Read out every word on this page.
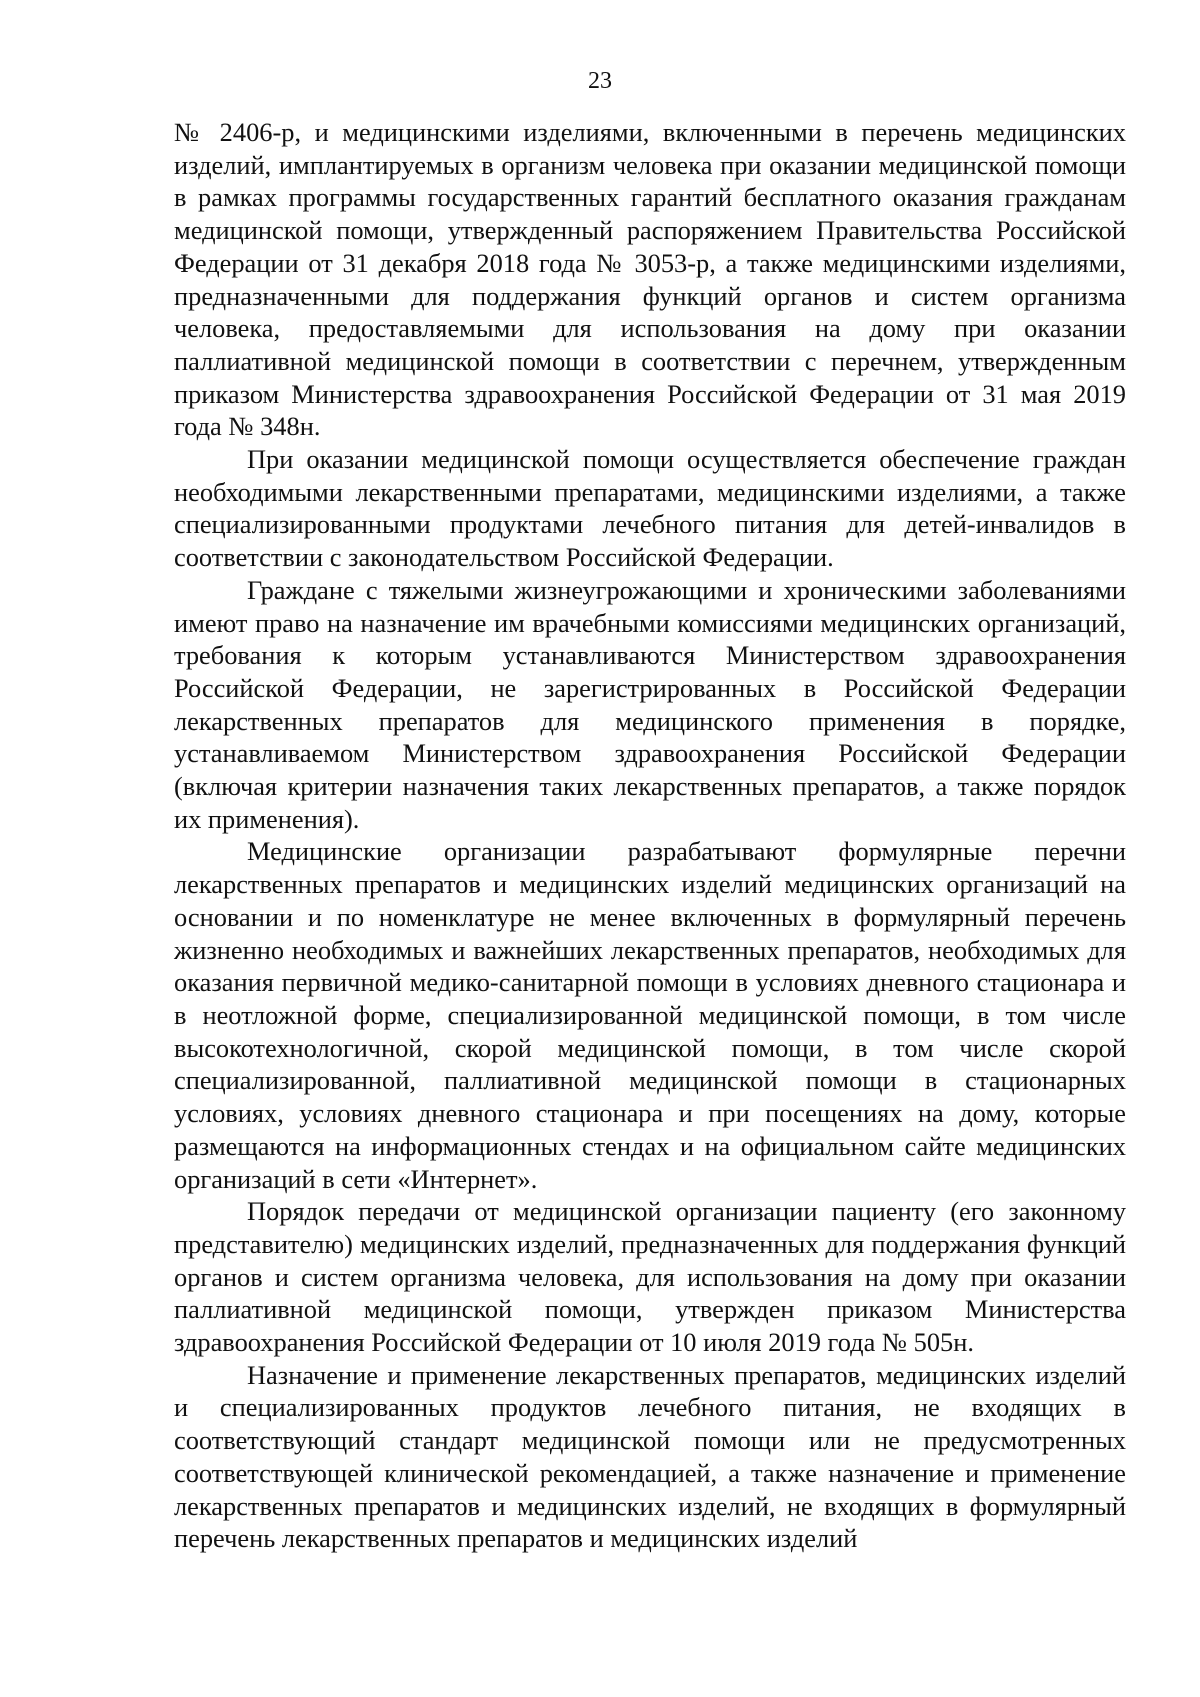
23

№ 2406-р, и медицинскими изделиями, включенными в перечень медицинских изделий, имплантируемых в организм человека при оказании медицинской помощи в рамках программы государственных гарантий бесплатного оказания гражданам медицинской помощи, утвержденный распоряжением Правительства Российской Федерации от 31 декабря 2018 года № 3053-р, а также медицинскими изделиями, предназначенными для поддержания функций органов и систем организма человека, предоставляемыми для использования на дому при оказании паллиативной медицинской помощи в соответствии с перечнем, утвержденным приказом Министерства здравоохранения Российской Федерации от 31 мая 2019 года № 348н.

При оказании медицинской помощи осуществляется обеспечение граждан необходимыми лекарственными препаратами, медицинскими изделиями, а также специализированными продуктами лечебного питания для детей-инвалидов в соответствии с законодательством Российской Федерации.

Граждане с тяжелыми жизнеугрожающими и хроническими заболеваниями имеют право на назначение им врачебными комиссиями медицинских организаций, требования к которым устанавливаются Министерством здравоохранения Российской Федерации, не зарегистрированных в Российской Федерации лекарственных препаратов для медицинского применения в порядке, устанавливаемом Министерством здравоохранения Российской Федерации (включая критерии назначения таких лекарственных препаратов, а также порядок их применения).

Медицинские организации разрабатывают формулярные перечни лекарственных препаратов и медицинских изделий медицинских организаций на основании и по номенклатуре не менее включенных в формулярный перечень жизненно необходимых и важнейших лекарственных препаратов, необходимых для оказания первичной медико-санитарной помощи в условиях дневного стационара и в неотложной форме, специализированной медицинской помощи, в том числе высокотехнологичной, скорой медицинской помощи, в том числе скорой специализированной, паллиативной медицинской помощи в стационарных условиях, условиях дневного стационара и при посещениях на дому, которые размещаются на информационных стендах и на официальном сайте медицинских организаций в сети «Интернет».

Порядок передачи от медицинской организации пациенту (его законному представителю) медицинских изделий, предназначенных для поддержания функций органов и систем организма человека, для использования на дому при оказании паллиативной медицинской помощи, утвержден приказом Министерства здравоохранения Российской Федерации от 10 июля 2019 года № 505н.

Назначение и применение лекарственных препаратов, медицинских изделий и специализированных продуктов лечебного питания, не входящих в соответствующий стандарт медицинской помощи или не предусмотренных соответствующей клинической рекомендацией, а также назначение и применение лекарственных препаратов и медицинских изделий, не входящих в формулярный перечень лекарственных препаратов и медицинских изделий
